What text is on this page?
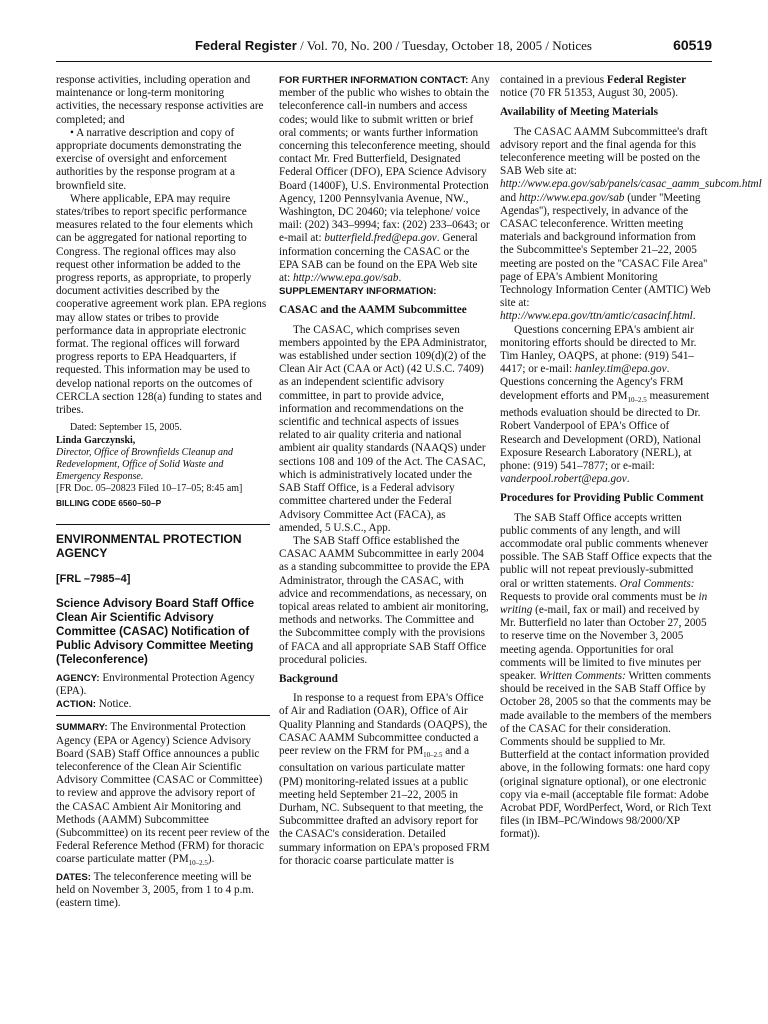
Federal Register / Vol. 70, No. 200 / Tuesday, October 18, 2005 / Notices	60519

response activities, including operation and maintenance or long-term monitoring activities, the necessary response activities are completed; and

• A narrative description and copy of appropriate documents demonstrating the exercise of oversight and enforcement authorities by the response program at a brownfield site.

Where applicable, EPA may require states/tribes to report specific performance measures related to the four elements which can be aggregated for national reporting to Congress. The regional offices may also request other information be added to the progress reports, as appropriate, to properly document activities described by the cooperative agreement work plan. EPA regions may allow states or tribes to provide performance data in appropriate electronic format. The regional offices will forward progress reports to EPA Headquarters, if requested. This information may be used to develop national reports on the outcomes of CERCLA section 128(a) funding to states and tribes.

Dated: September 15, 2005.

Linda Garczynski,

Director, Office of Brownfields Cleanup and Redevelopment, Office of Solid Waste and Emergency Response.

[FR Doc. 05–20823 Filed 10–17–05; 8:45 am]

BILLING CODE 6560–50–P

ENVIRONMENTAL PROTECTION AGENCY

[FRL –7985–4]

Science Advisory Board Staff Office Clean Air Scientific Advisory Committee (CASAC) Notification of Public Advisory Committee Meeting (Teleconference)

AGENCY: Environmental Protection Agency (EPA).

ACTION: Notice.

SUMMARY: The Environmental Protection Agency (EPA or Agency) Science Advisory Board (SAB) Staff Office announces a public teleconference of the Clean Air Scientific Advisory Committee (CASAC or Committee) to review and approve the advisory report of the CASAC Ambient Air Monitoring and Methods (AAMM) Subcommittee (Subcommittee) on its recent peer review of the Federal Reference Method (FRM) for thoracic coarse particulate matter $(PM_{10-2.5})$.

DATES: The teleconference meeting will be held on November 3, 2005, from 1 to 4 p.m. (eastern time).

FOR FURTHER INFORMATION CONTACT: Any member of the public who wishes to obtain the teleconference call-in numbers and access codes; would like to submit written or brief oral comments; or wants further information concerning this teleconference meeting, should contact Mr. Fred Butterfield, Designated Federal Officer (DFO), EPA Science Advisory Board (1400F), U.S. Environmental Protection Agency, 1200 Pennsylvania Avenue, NW., Washington, DC 20460; via telephone/ voice mail: (202) 343–9994; fax: (202) 233–0643; or e-mail at: butterfield.fred@epa.gov. General information concerning the CASAC or the EPA SAB can be found on the EPA Web site at: http://www.epa.gov/sab.

SUPPLEMENTARY INFORMATION:

CASAC and the AAMM Subcommittee

The CASAC, which comprises seven members appointed by the EPA Administrator, was established under section 109(d)(2) of the Clean Air Act (CAA or Act) (42 U.S.C. 7409) as an independent scientific advisory committee, in part to provide advice, information and recommendations on the scientific and technical aspects of issues related to air quality criteria and national ambient air quality standards (NAAQS) under sections 108 and 109 of the Act. The CASAC, which is administratively located under the SAB Staff Office, is a Federal advisory committee chartered under the Federal Advisory Committee Act (FACA), as amended, 5 U.S.C., App.

The SAB Staff Office established the CASAC AAMM Subcommittee in early 2004 as a standing subcommittee to provide the EPA Administrator, through the CASAC, with advice and recommendations, as necessary, on topical areas related to ambient air monitoring, methods and networks. The Committee and the Subcommittee comply with the provisions of FACA and all appropriate SAB Staff Office procedural policies.

Background

In response to a request from EPA's Office of Air and Radiation (OAR), Office of Air Quality Planning and Standards (OAQPS), the CASAC AAMM Subcommittee conducted a peer review on the FRM for $PM_{10-2.5}$ and a consultation on various particulate matter (PM) monitoring-related issues at a public meeting held September 21–22, 2005 in Durham, NC. Subsequent to that meeting, the Subcommittee drafted an advisory report for the CASAC's consideration. Detailed summary information on EPA's proposed FRM for thoracic coarse particulate matter is

contained in a previous Federal Register notice (70 FR 51353, August 30, 2005).

Availability of Meeting Materials

The CASAC AAMM Subcommittee's draft advisory report and the final agenda for this teleconference meeting will be posted on the SAB Web site at: http://www.epa.gov/sab/panels/casac_aamm_subcom.html and http://www.epa.gov/sab (under ''Meeting Agendas''), respectively, in advance of the CASAC teleconference. Written meeting materials and background information from the Subcommittee's September 21–22, 2005 meeting are posted on the ''CASAC File Area'' page of EPA's Ambient Monitoring Technology Information Center (AMTIC) Web site at: http://www.epa.gov/ttn/amtic/casacinf.html.

Questions concerning EPA's ambient air monitoring efforts should be directed to Mr. Tim Hanley, OAQPS, at phone: (919) 541–4417; or e-mail: hanley.tim@epa.gov. Questions concerning the Agency's FRM development efforts and $PM_{10-2.5}$ measurement methods evaluation should be directed to Dr. Robert Vanderpool of EPA's Office of Research and Development (ORD), National Exposure Research Laboratory (NERL), at phone: (919) 541–7877; or e-mail: vanderpool.robert@epa.gov.

Procedures for Providing Public Comment

The SAB Staff Office accepts written public comments of any length, and will accommodate oral public comments whenever possible. The SAB Staff Office expects that the public will not repeat previously-submitted oral or written statements. Oral Comments: Requests to provide oral comments must be in writing (e-mail, fax or mail) and received by Mr. Butterfield no later than October 27, 2005 to reserve time on the November 3, 2005 meeting agenda. Opportunities for oral comments will be limited to five minutes per speaker. Written Comments: Written comments should be received in the SAB Staff Office by October 28, 2005 so that the comments may be made available to the members of the members of the CASAC for their consideration. Comments should be supplied to Mr. Butterfield at the contact information provided above, in the following formats: one hard copy (original signature optional), or one electronic copy via e-mail (acceptable file format: Adobe Acrobat PDF, WordPerfect, Word, or Rich Text files (in IBM–PC/Windows 98/2000/XP format)).
